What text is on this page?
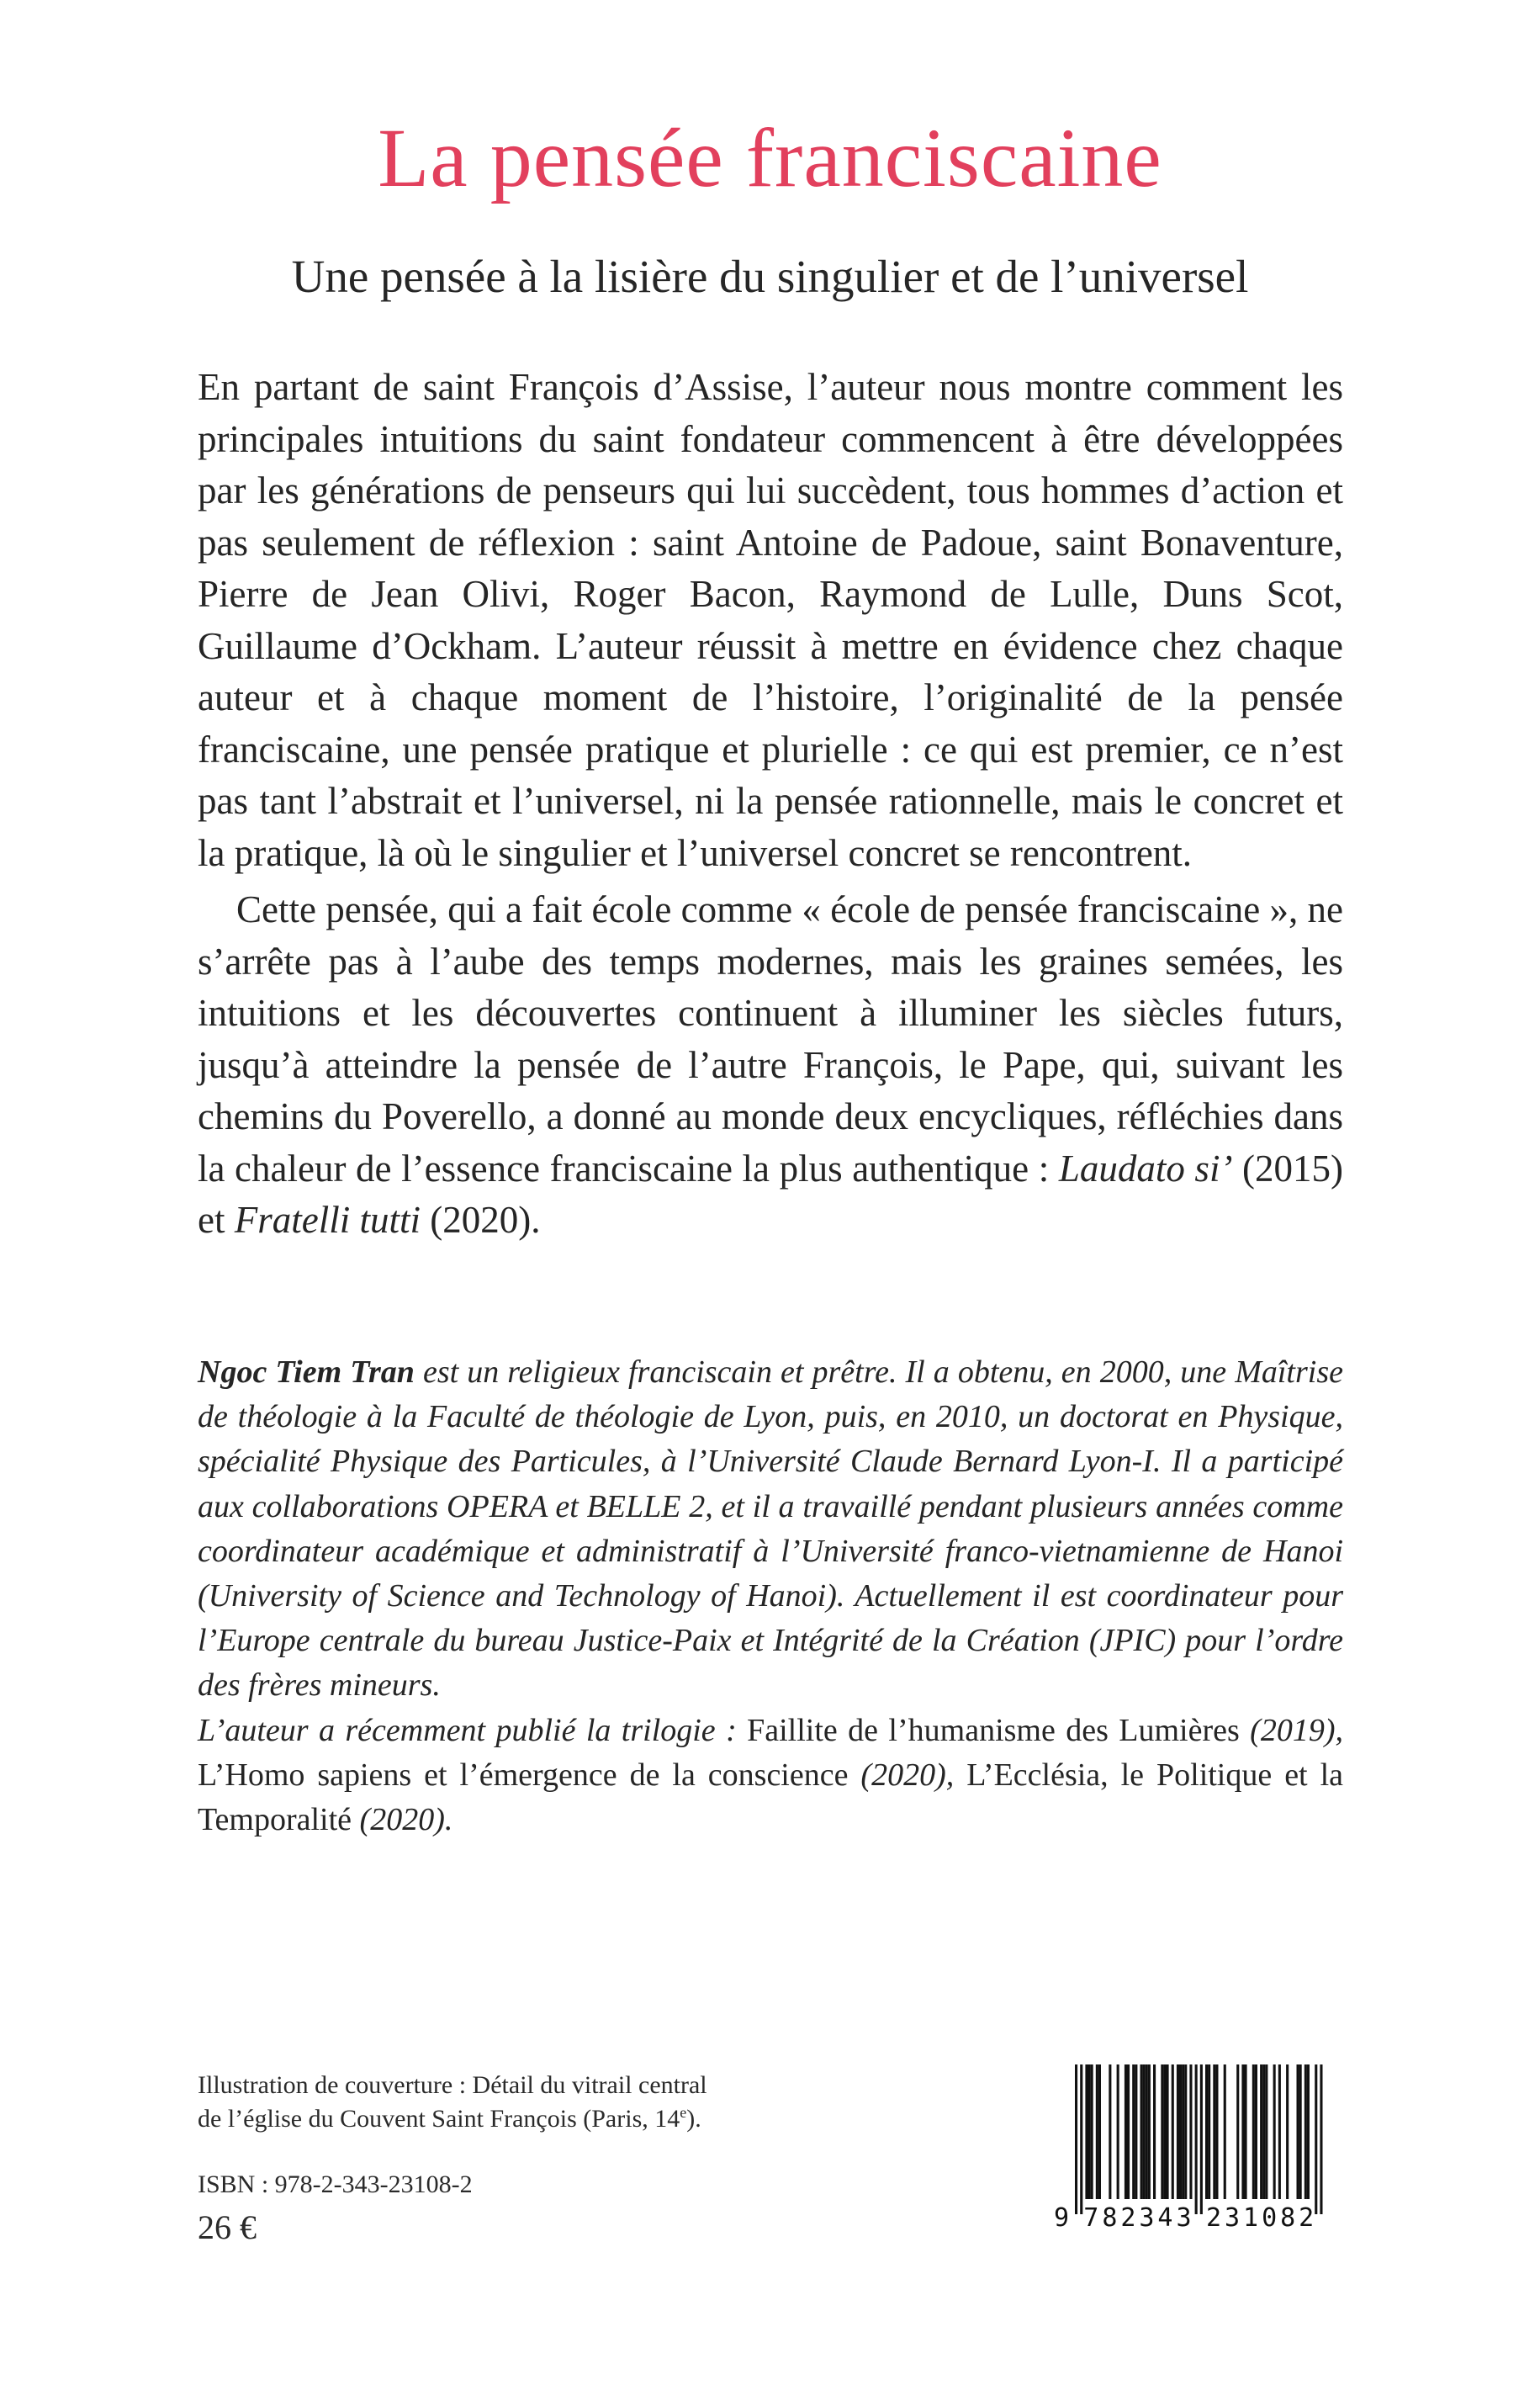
La pensée franciscaine
Une pensée à la lisière du singulier et de l’universel

En partant de saint François d’Assise, l’auteur nous montre comment les principales intuitions du saint fondateur commencent à être développées par les générations de penseurs qui lui succèdent, tous hommes d’action et pas seulement de réflexion : saint Antoine de Padoue, saint Bonaventure, Pierre de Jean Olivi, Roger Bacon, Raymond de Lulle, Duns Scot, Guillaume d’Ockham. L’auteur réussit à mettre en évidence chez chaque auteur et à chaque moment de l’histoire, l’originalité de la pensée franciscaine, une pensée pratique et plurielle : ce qui est premier, ce n’est pas tant l’abstrait et l’universel, ni la pensée rationnelle, mais le concret et la pratique, là où le singulier et l’universel concret se rencontrent.

Cette pensée, qui a fait école comme « école de pensée franciscaine », ne s’arrête pas à l’aube des temps modernes, mais les graines semées, les intuitions et les découvertes continuent à illuminer les siècles futurs, jusqu’à atteindre la pensée de l’autre François, le Pape, qui, suivant les chemins du Poverello, a donné au monde deux encycliques, réfléchies dans la chaleur de l’essence franciscaine la plus authentique : Laudato si’ (2015) et Fratelli tutti (2020).

Ngoc Tiem Tran est un religieux franciscain et prêtre. Il a obtenu, en 2000, une Maîtrise de théologie à la Faculté de théologie de Lyon, puis, en 2010, un doctorat en Physique, spécialité Physique des Particules, à l’Université Claude Bernard Lyon-I. Il a participé aux collaborations OPERA et BELLE 2, et il a travaillé pendant plusieurs années comme coordinateur académique et administratif à l’Université franco-vietnamienne de Hanoi (University of Science and Technology of Hanoi). Actuellement il est coordinateur pour l’Europe centrale du bureau Justice-Paix et Intégrité de la Création (JPIC) pour l’ordre des frères mineurs.

L’auteur a récemment publié la trilogie : Faillite de l’humanisme des Lumières (2019), L’Homo sapiens et l’émergence de la conscience (2020), L’Ecclésia, le Politique et la Temporalité (2020).

Illustration de couverture : Détail du vitrail central
de l’église du Couvent Saint François (Paris, 14e).
ISBN : 978-2-343-23108-2
26 €	9 782343 231082
